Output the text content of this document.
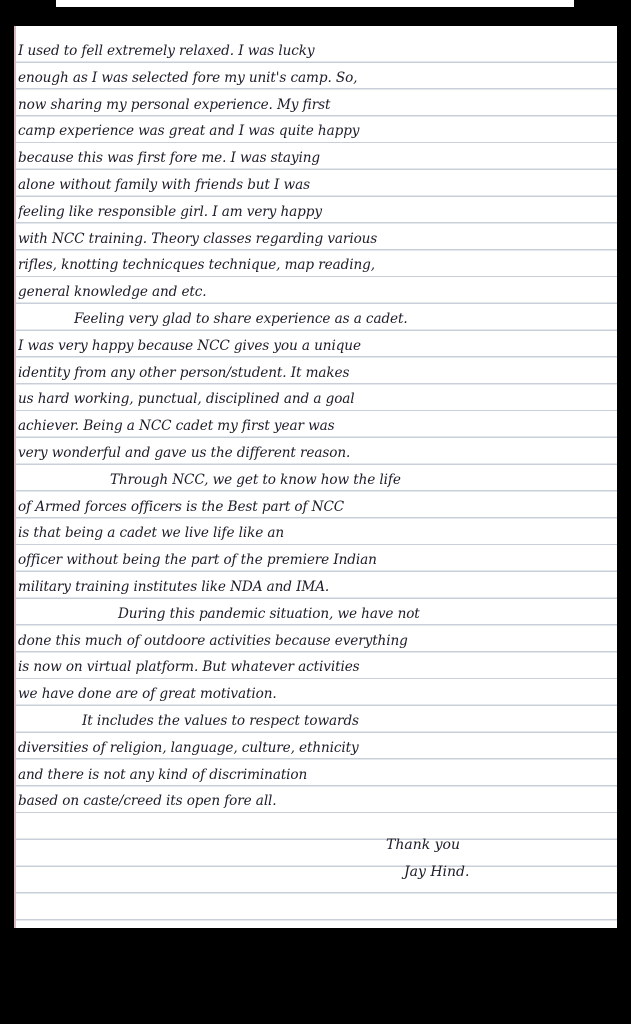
I used to fell extremely relaxed. I was lucky
enough as I was selected fore my unit's camp. So,
now sharing my personal experience. My first
camp experience was great and I was quite happy
because this was first fore me. I was staying
alone without family with friends but I was
feeling like responsible girl. I am very happy
with NCC training. Theory classes regarding various
rifles, knotting technicques technique, map reading,
general knowledge and etc.
Feeling very glad to share experience as a cadet.
I was very happy because NCC gives you a unique
identity from any other person/student. It makes
us hard working, punctual, disciplined and a goal
achiever. Being a NCC cadet my first year was
very wonderful and gave us the different reason.
Through NCC, we get to know how the life
of Armed forces officers is the Best part of NCC
is that being a cadet we live life like an
officer without being the part of the premiere Indian
military training institutes like NDA and IMA.
During this pandemic situation, we have not
done this much of outdoore activities because everything
is now on virtual platform. But whatever activities
we have done are of great motivation.
It includes the values to respect towards
diversities of religion, language, culture, ethnicity
and there is not any kind of discrimination
based on caste/creed its open fore all.
Thank you
Jay Hind.
